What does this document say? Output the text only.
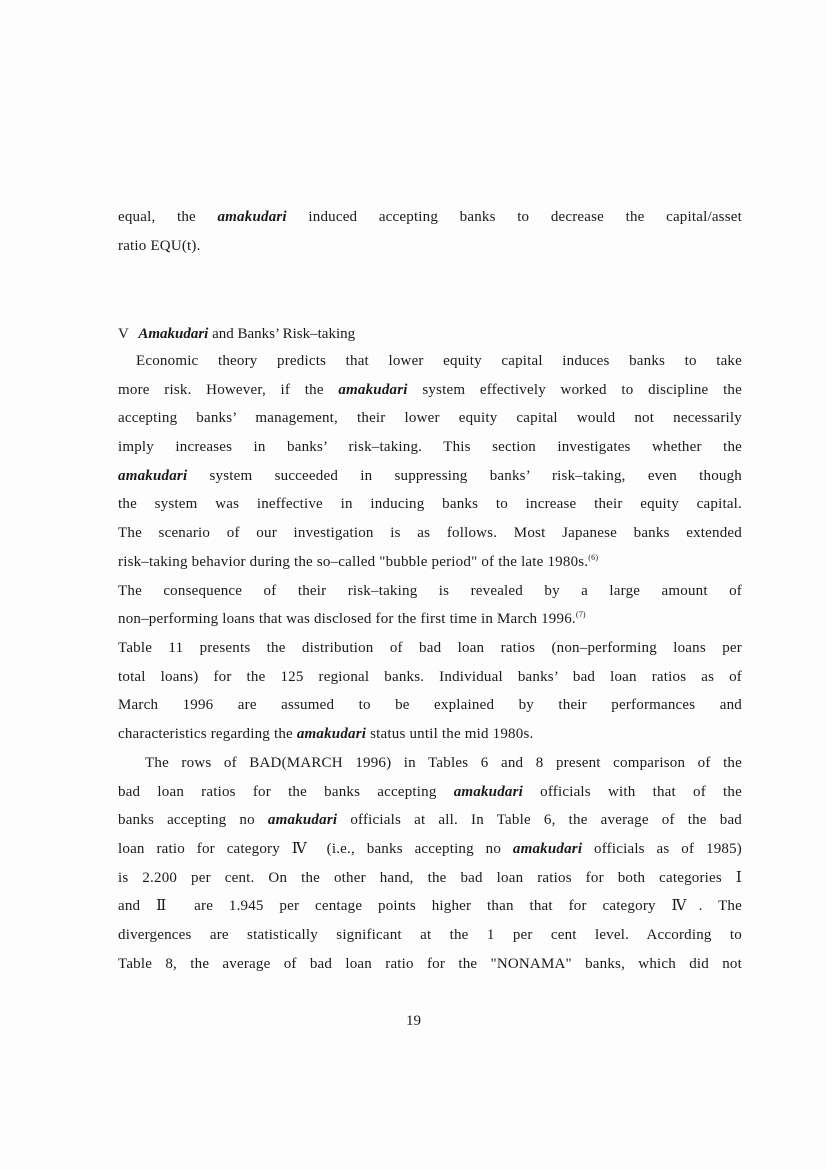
equal, the amakudari induced accepting banks to decrease the capital/asset
ratio EQU(t).
V Amakudari and Banks’ Risk–taking
Economic theory predicts that lower equity capital induces banks to take
more risk. However, if the amakudari system effectively worked to discipline the
accepting banks’ management, their lower equity capital would not necessarily
imply increases in banks’ risk–taking. This section investigates whether the
amakudari system succeeded in suppressing banks’ risk–taking, even though
the system was ineffective in inducing banks to increase their equity capital.
The scenario of our investigation is as follows. Most Japanese banks extended
risk–taking behavior during the so–called "bubble period" of the late 1980s.$^{(6)}$
The consequence of their risk–taking is revealed by a large amount of
non–performing loans that was disclosed for the first time in March 1996.$^{(7)}$
Table 11 presents the distribution of bad loan ratios (non–performing loans per
total loans) for the 125 regional banks. Individual banks’ bad loan ratios as of
March 1996 are assumed to be explained by their performances and
characteristics regarding the amakudari status until the mid 1980s.
The rows of BAD(MARCH 1996) in Tables 6 and 8 present comparison of the
bad loan ratios for the banks accepting amakudari officials with that of the
banks accepting no amakudari officials at all. In Table 6, the average of the bad
loan ratio for category Ⅳ (i.e., banks accepting no amakudari officials as of 1985)
is 2.200 per cent. On the other hand, the bad loan ratios for both categories Ⅰ
and Ⅱ are 1.945 per centage points higher than that for category Ⅳ. The
divergences are statistically significant at the 1 per cent level. According to
Table 8, the average of bad loan ratio for the "NONAMA" banks, which did not
19
